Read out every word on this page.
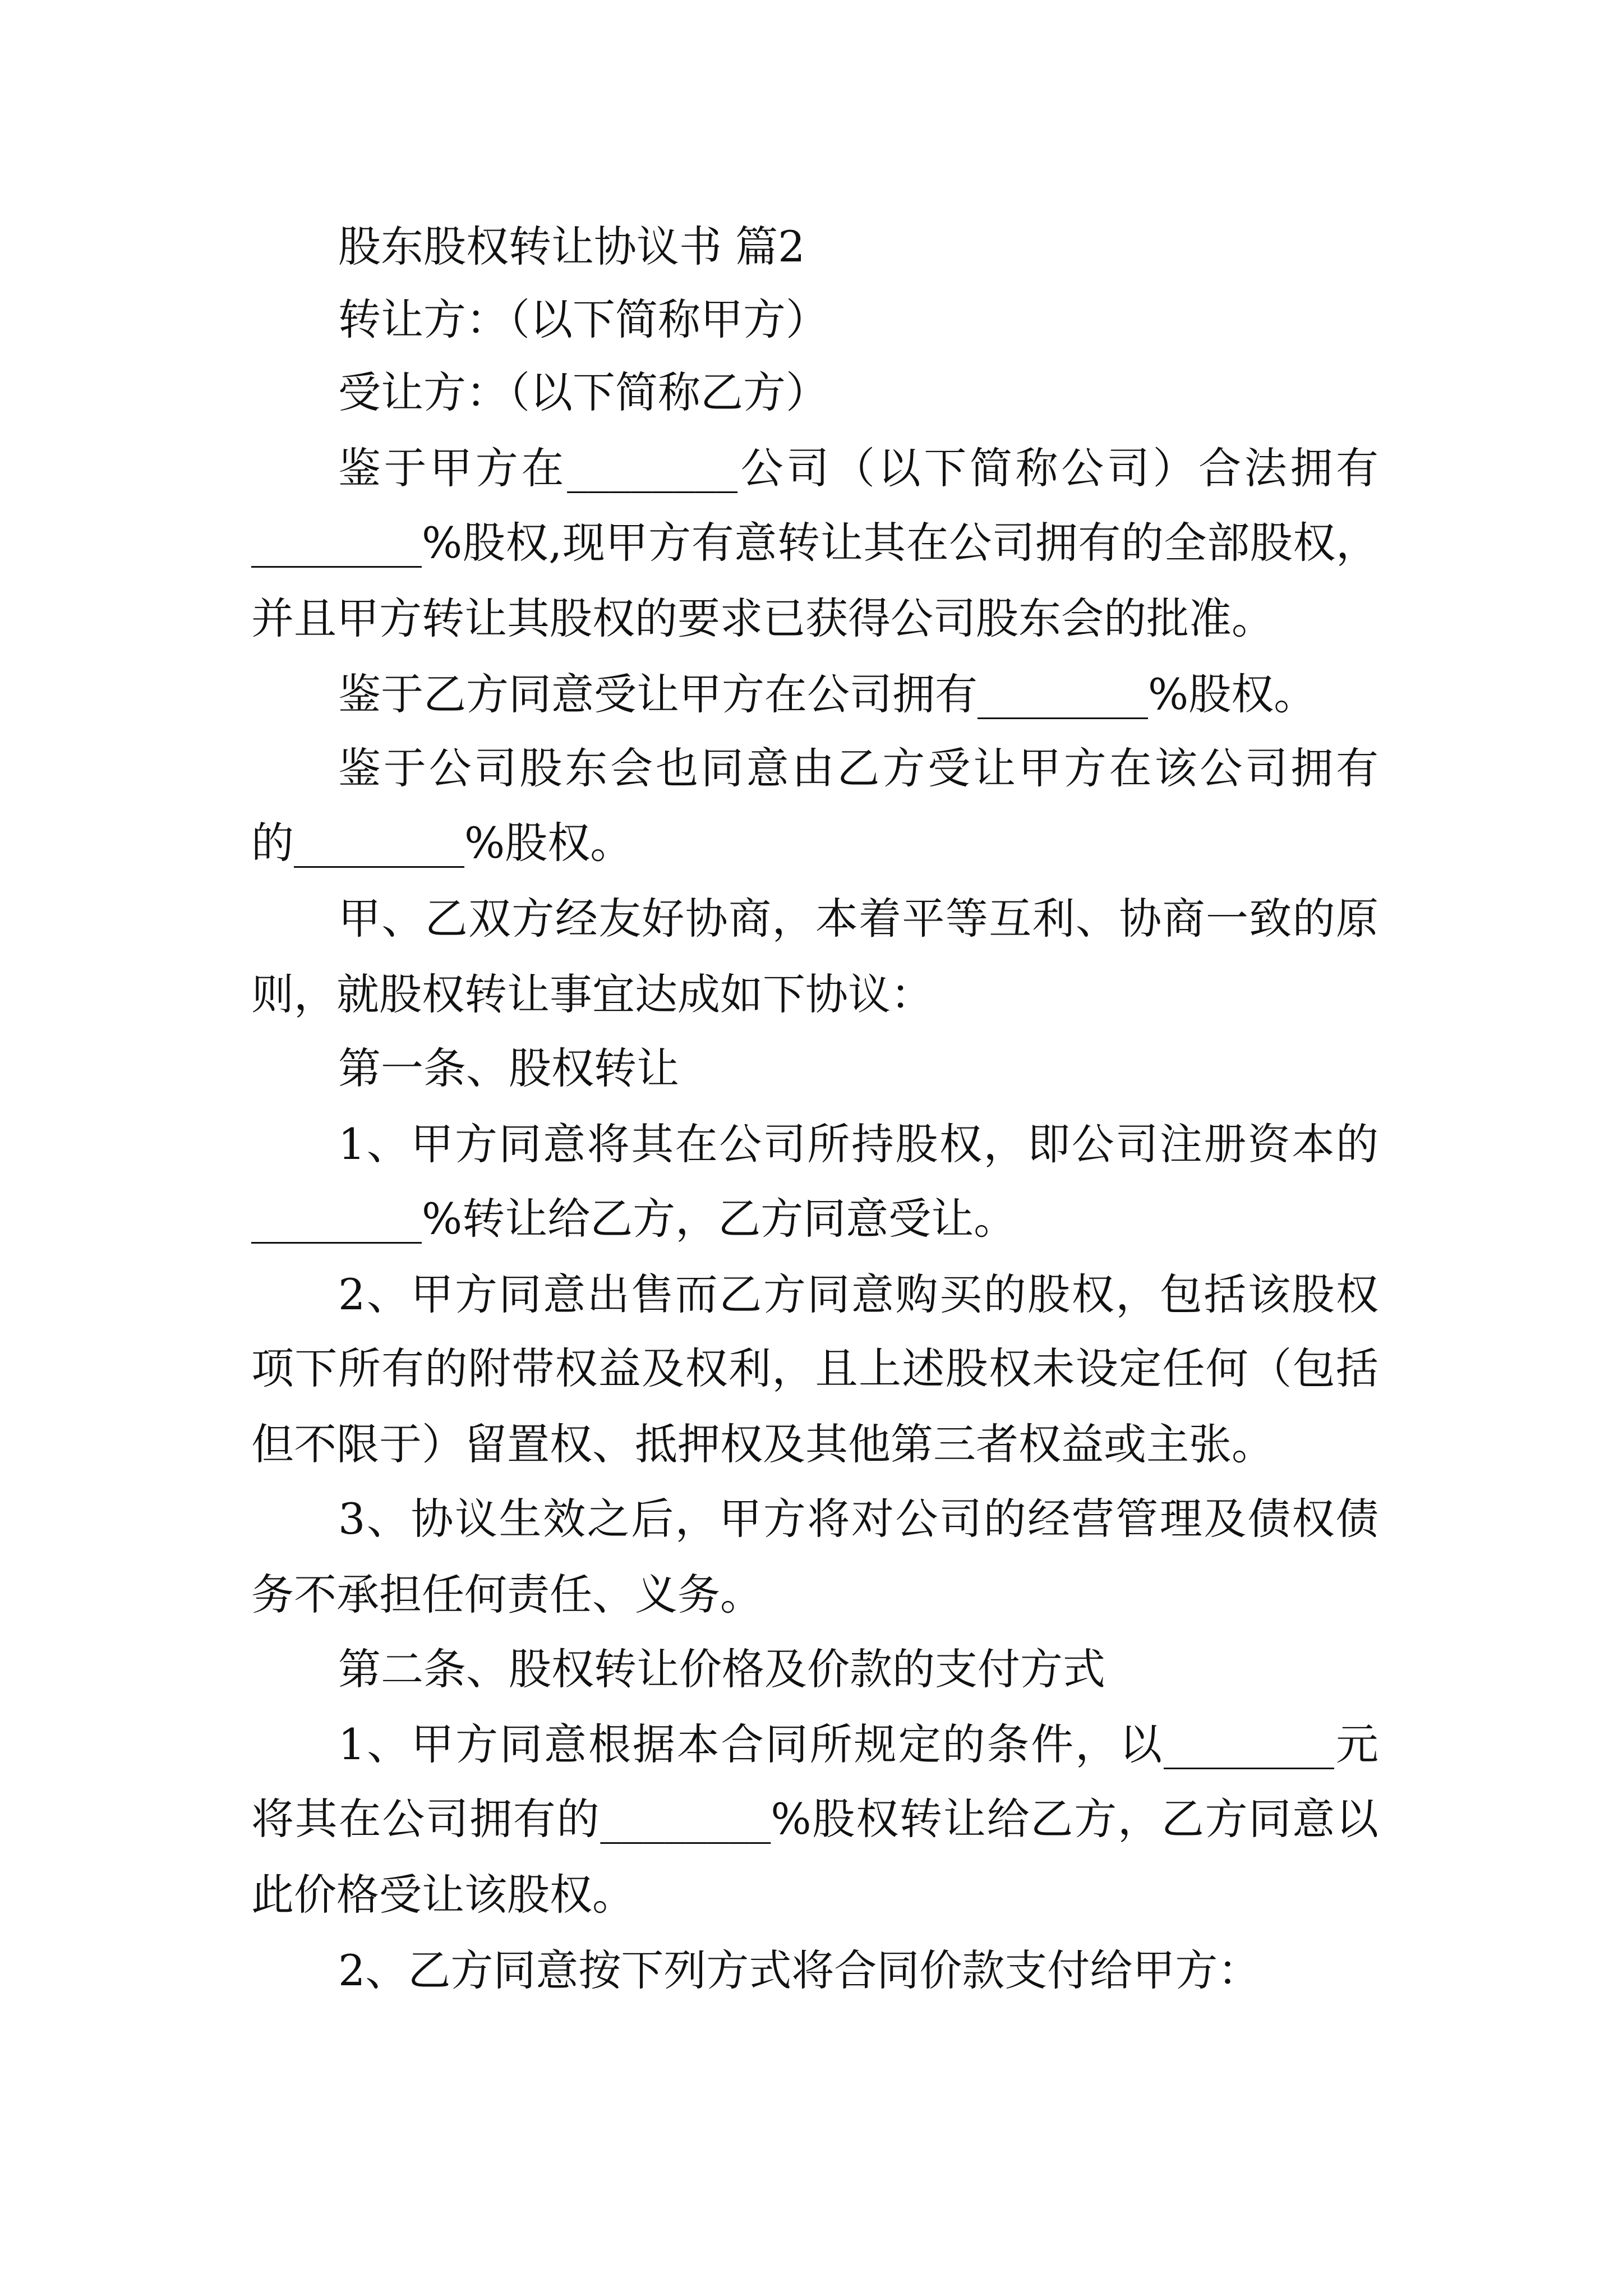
股东股权转让协议书 篇2
转让方：（以下简称甲方）
受让方：（以下简称乙方）
鉴于甲方在________公司（以下简称公司）合法拥有
________%股权,现甲方有意转让其在公司拥有的全部股权，
并且甲方转让其股权的要求已获得公司股东会的批准。
鉴于乙方同意受让甲方在公司拥有________%股权。
鉴于公司股东会也同意由乙方受让甲方在该公司拥有
的________%股权。
甲、乙双方经友好协商，本着平等互利、协商一致的原
则，就股权转让事宜达成如下协议：
第一条、股权转让
1、甲方同意将其在公司所持股权，即公司注册资本的
________%转让给乙方，乙方同意受让。
2、甲方同意出售而乙方同意购买的股权，包括该股权
项下所有的附带权益及权利，且上述股权未设定任何（包括
但不限于）留置权、抵押权及其他第三者权益或主张。
3、协议生效之后，甲方将对公司的经营管理及债权债
务不承担任何责任、义务。
第二条、股权转让价格及价款的支付方式
1、甲方同意根据本合同所规定的条件，以________元
将其在公司拥有的________%股权转让给乙方，乙方同意以
此价格受让该股权。
2、乙方同意按下列方式将合同价款支付给甲方：
